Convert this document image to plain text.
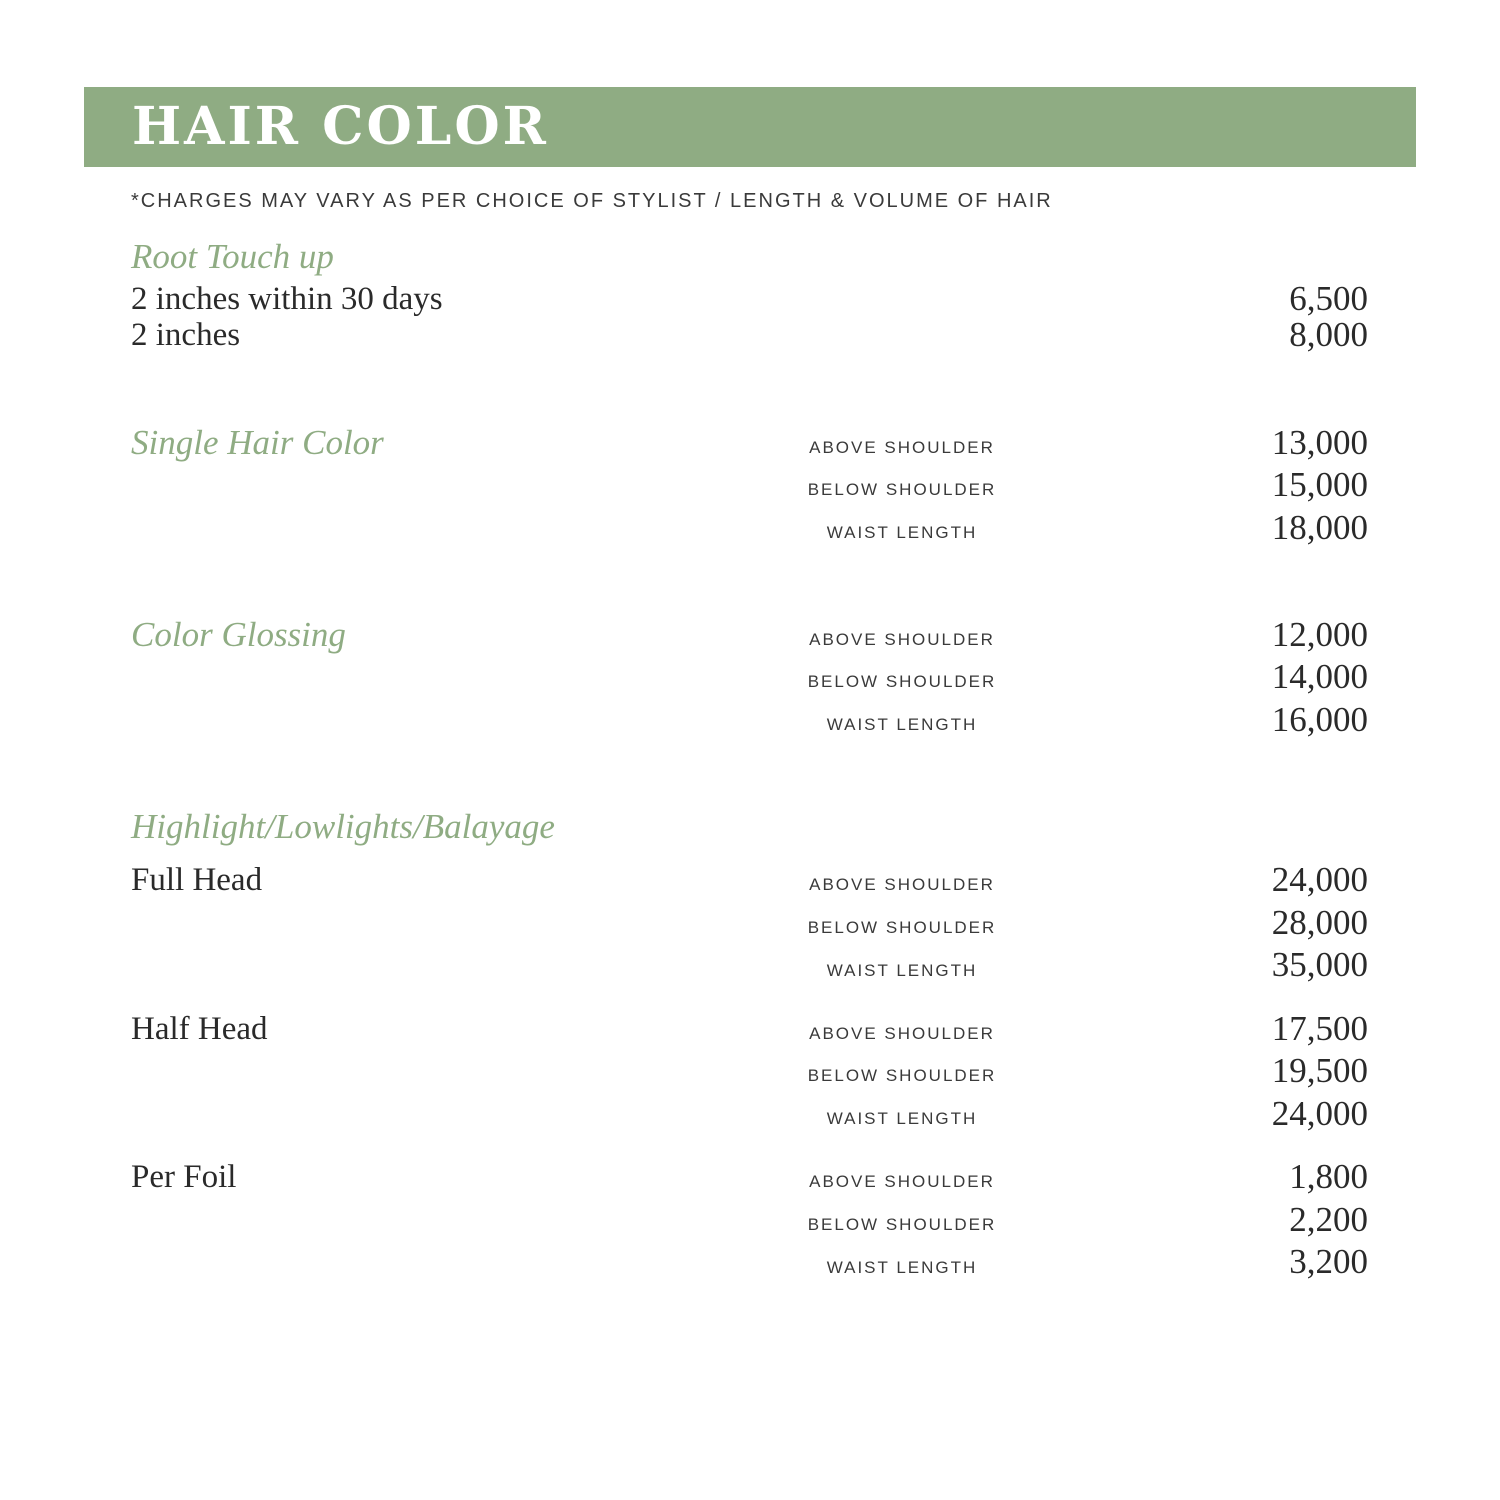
HAIR COLOR
*CHARGES MAY VARY AS PER CHOICE OF STYLIST / LENGTH & VOLUME OF HAIR
Root Touch up
2 inches within 30 days	6,500
2 inches	8,000
Single Hair Color	ABOVE SHOULDER	13,000
BELOW SHOULDER	15,000
WAIST LENGTH	18,000
Color Glossing	ABOVE SHOULDER	12,000
BELOW SHOULDER	14,000
WAIST LENGTH	16,000
Highlight/Lowlights/Balayage
Full Head	ABOVE SHOULDER	24,000
BELOW SHOULDER	28,000
WAIST LENGTH	35,000
Half Head	ABOVE SHOULDER	17,500
BELOW SHOULDER	19,500
WAIST LENGTH	24,000
Per Foil	ABOVE SHOULDER	1,800
BELOW SHOULDER	2,200
WAIST LENGTH	3,200
